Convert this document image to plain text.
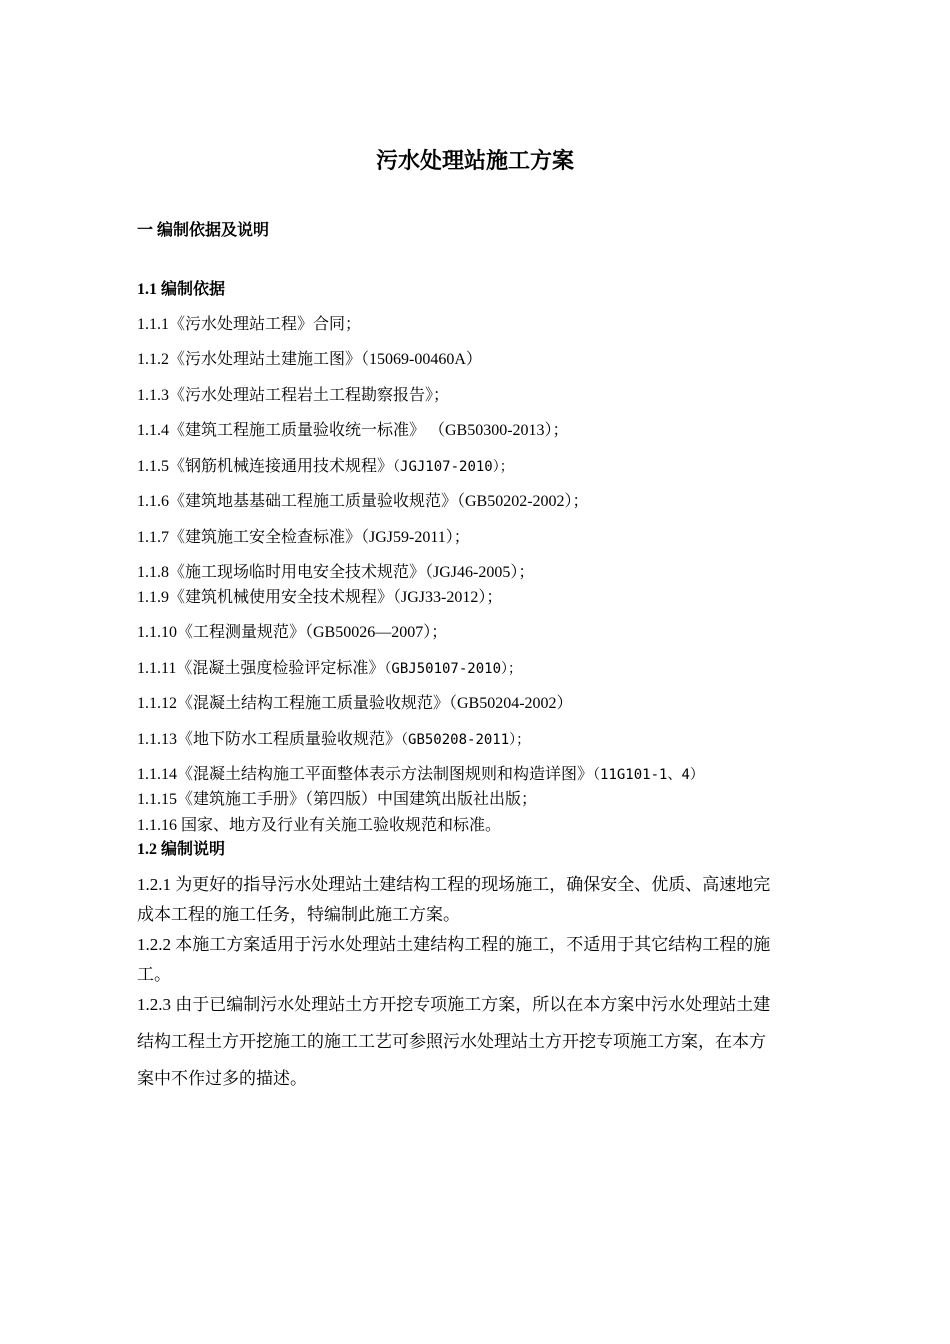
污水处理站施工方案
一 编制依据及说明
1.1 编制依据
1.1.1《污水处理站工程》合同；
1.1.2《污水处理站土建施工图》（15069-00460A）
1.1.3《污水处理站工程岩土工程勘察报告》；
1.1.4《建筑工程施工质量验收统一标准》 （GB50300-2013）；
1.1.5《钢筋机械连接通用技术规程》（JGJ107-2010）；
1.1.6《建筑地基基础工程施工质量验收规范》（GB50202-2002）；
1.1.7《建筑施工安全检查标准》（JGJ59-2011）；
1.1.8《施工现场临时用电安全技术规范》（JGJ46-2005）；
1.1.9《建筑机械使用安全技术规程》（JGJ33-2012）；
1.1.10《工程测量规范》（GB50026—2007）；
1.1.11《混凝土强度检验评定标准》（GBJ50107-2010）；
1.1.12《混凝土结构工程施工质量验收规范》（GB50204-2002）
1.1.13《地下防水工程质量验收规范》（GB50208-2011）；
1.1.14《混凝土结构施工平面整体表示方法制图规则和构造详图》（11G101-1、4）
1.1.15《建筑施工手册》（第四版）中国建筑出版社出版；
1.1.16 国家、地方及行业有关施工验收规范和标准。
1.2 编制说明
1.2.1 为更好的指导污水处理站土建结构工程的现场施工，确保安全、优质、高速地完
成本工程的施工任务，特编制此施工方案。
1.2.2 本施工方案适用于污水处理站土建结构工程的施工，不适用于其它结构工程的施
工。
1.2.3 由于已编制污水处理站土方开挖专项施工方案，所以在本方案中污水处理站土建
结构工程土方开挖施工的施工工艺可参照污水处理站土方开挖专项施工方案，在本方
案中不作过多的描述。
